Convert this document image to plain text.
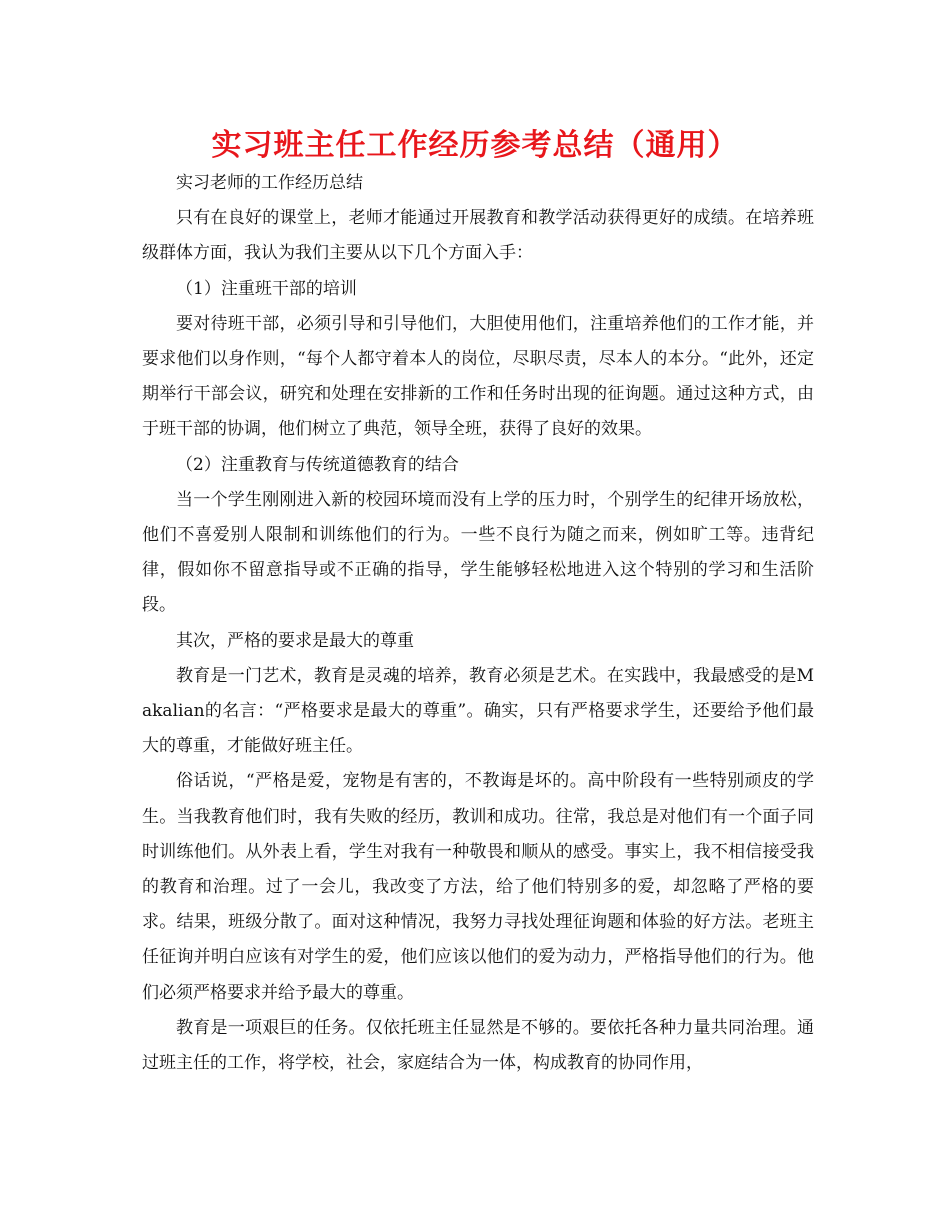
实习班主任工作经历参考总结（通用）

实习老师的工作经历总结

只有在良好的课堂上，老师才能通过开展教育和教学活动获得更好的成绩。在培养班级群体方面，我认为我们主要从以下几个方面入手：

（1）注重班干部的培训

要对待班干部，必须引导和引导他们，大胆使用他们，注重培养他们的工作才能，并要求他们以身作则，“每个人都守着本人的岗位，尽职尽责，尽本人的本分。“此外，还定期举行干部会议，研究和处理在安排新的工作和任务时出现的征询题。通过这种方式，由于班干部的协调，他们树立了典范，领导全班，获得了良好的效果。

（2）注重教育与传统道德教育的结合

当一个学生刚刚进入新的校园环境而没有上学的压力时，个别学生的纪律开场放松，他们不喜爱别人限制和训练他们的行为。一些不良行为随之而来，例如旷工等。违背纪律，假如你不留意指导或不正确的指导，学生能够轻松地进入这个特别的学习和生活阶段。

其次，严格的要求是最大的尊重

教育是一门艺术，教育是灵魂的培养，教育必须是艺术。在实践中，我最感受的是Makalian的名言：“严格要求是最大的尊重”。确实，只有严格要求学生，还要给予他们最大的尊重，才能做好班主任。

俗话说，“严格是爱，宠物是有害的，不教诲是坏的。高中阶段有一些特别顽皮的学生。当我教育他们时，我有失败的经历，教训和成功。往常，我总是对他们有一个面子同时训练他们。从外表上看，学生对我有一种敬畏和顺从的感受。事实上，我不相信接受我的教育和治理。过了一会儿，我改变了方法，给了他们特别多的爱，却忽略了严格的要求。结果，班级分散了。面对这种情况，我努力寻找处理征询题和体验的好方法。老班主任征询并明白应该有对学生的爱，他们应该以他们的爱为动力，严格指导他们的行为。他们必须严格要求并给予最大的尊重。

教育是一项艰巨的任务。仅依托班主任显然是不够的。要依托各种力量共同治理。通过班主任的工作，将学校，社会，家庭结合为一体，构成教育的协同作用，
